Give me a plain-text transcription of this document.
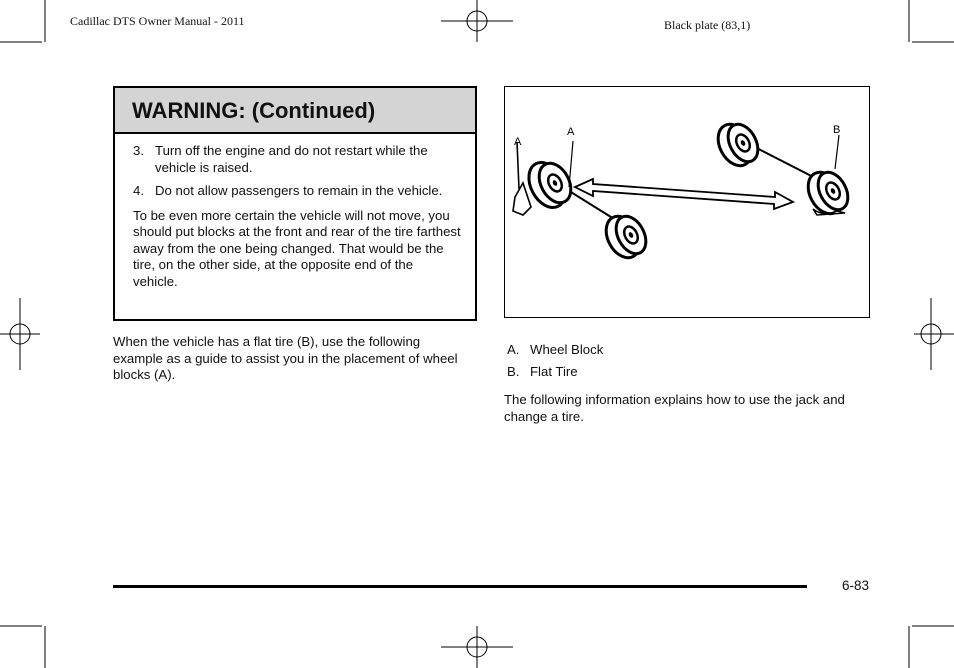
Cadillac DTS Owner Manual - 2011	Black plate (83,1)
WARNING: (Continued)
3. Turn off the engine and do not restart while the vehicle is raised.
4. Do not allow passengers to remain in the vehicle.
To be even more certain the vehicle will not move, you should put blocks at the front and rear of the tire farthest away from the one being changed. That would be the tire, on the other side, at the opposite end of the vehicle.
When the vehicle has a flat tire (B), use the following example as a guide to assist you in the placement of wheel blocks (A).
A
A	B
A. Wheel Block
B. Flat Tire
The following information explains how to use the jack and change a tire.
6-83
